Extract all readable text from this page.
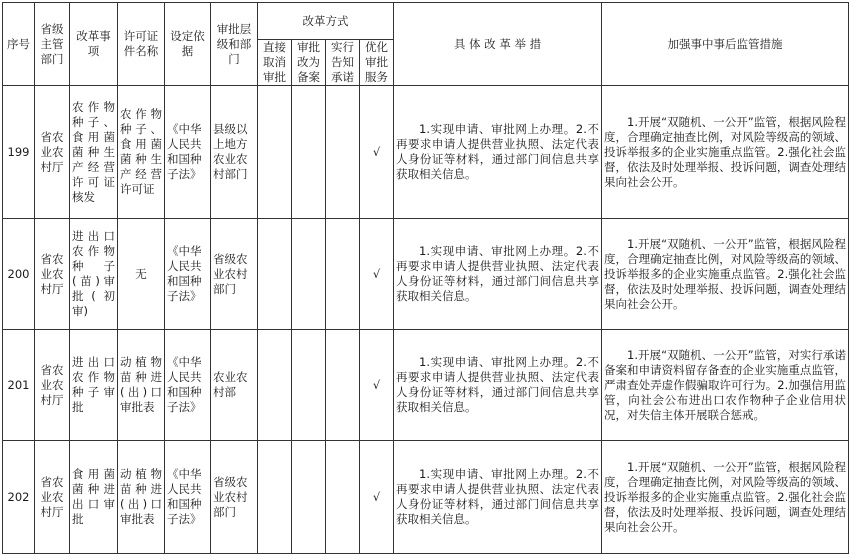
序号	省级主管部门	改革事项	许可证件名称	设定依据	审批层级和部门	改革方式				具 体 改 革 举 措	加强事中事后监管措施
						直接取消审批	审批改为备案	实行告知承诺	优化审批服务		
199	省农业农村厅	农作物种子、食用菌菌种生产经营许可证核发	农作物种子、食用菌菌种生产经营许可证	《中华人民共和国种子法》	县级以上地方农业农村部门				√	1.实现申请、审批网上办理。2.不再要求申请人提供营业执照、法定代表人身份证等材料，通过部门间信息共享获取相关信息。	1.开展“双随机、一公开”监管，根据风险程度，合理确定抽查比例，对风险等级高的领域、投诉举报多的企业实施重点监管。2.强化社会监督，依法及时处理举报、投诉问题，调查处理结果向社会公开。
200	省农业农村厅	进出口农作物种子(苗)审批(初审)	无	《中华人民共和国种子法》	省级农业农村部门				√	1.实现申请、审批网上办理。2.不再要求申请人提供营业执照、法定代表人身份证等材料，通过部门间信息共享获取相关信息。	1.开展“双随机、一公开”监管，根据风险程度，合理确定抽查比例，对风险等级高的领域、投诉举报多的企业实施重点监管。2.强化社会监督，依法及时处理举报、投诉问题，调查处理结果向社会公开。
201	省农业农村厅	进出口农作物种子审批	动植物苗种进(出)口审批表	《中华人民共和国种子法》	农业农村部				√	1.实现申请、审批网上办理。2.不再要求申请人提供营业执照、法定代表人身份证等材料，通过部门间信息共享获取相关信息。	1.开展“双随机、一公开”监管，对实行承诺备案和申请资料留存备查的企业实施重点监管，严肃查处弄虚作假骗取许可行为。2.加强信用监管，向社会公布进出口农作物种子企业信用状况，对失信主体开展联合惩戒。
202	省农业农村厅	食用菌菌种进出口审批	动植物苗种进(出)口审批表	《中华人民共和国种子法》	省级农业农村部门				√	1.实现申请、审批网上办理。2.不再要求申请人提供营业执照、法定代表人身份证等材料，通过部门间信息共享获取相关信息。	1.开展“双随机、一公开”监管，根据风险程度，合理确定抽查比例，对风险等级高的领域、投诉举报多的企业实施重点监管。2.强化社会监督，依法及时处理举报、投诉问题，调查处理结果向社会公开。
